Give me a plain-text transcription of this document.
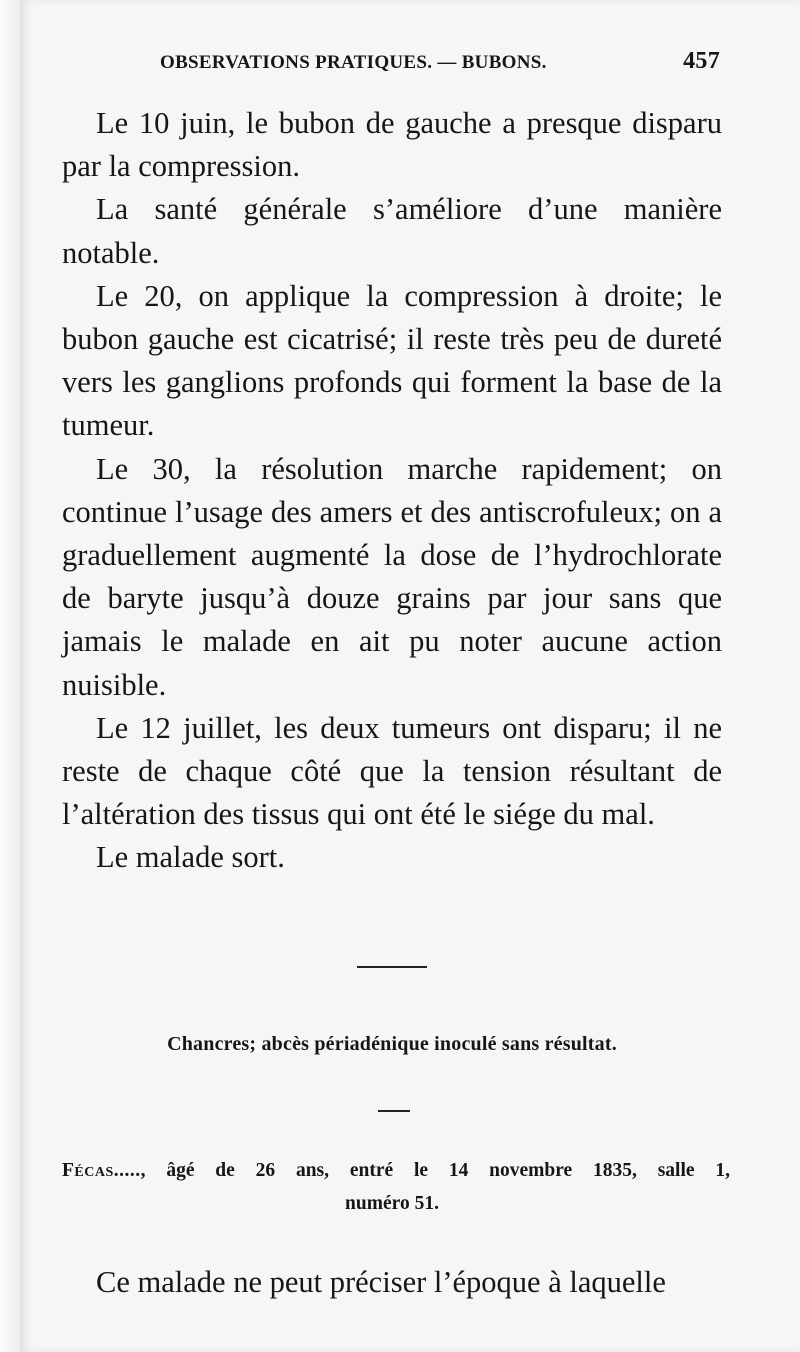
OBSERVATIONS PRATIQUES. — BUBONS.	457

Le 10 juin, le bubon de gauche a presque disparu par la compression.

La santé générale s’améliore d’une manière notable.

Le 20, on applique la compression à droite; le bubon gauche est cicatrisé; il reste très peu de dureté vers les ganglions profonds qui forment la base de la tumeur.

Le 30, la résolution marche rapidement; on continue l’usage des amers et des antiscrofuleux; on a graduellement augmenté la dose de l’hydrochlorate de baryte jusqu’à douze grains par jour sans que jamais le malade en ait pu noter aucune action nuisible.

Le 12 juillet, les deux tumeurs ont disparu; il ne reste de chaque côté que la tension résultant de l’altération des tissus qui ont été le siége du mal.

Le malade sort.

Chancres; abcès périadénique inoculé sans résultat.
Fécas....., âgé de 26 ans, entré le 14 novembre 1835, salle 1,
numéro 51.
Ce malade ne peut préciser l’époque à laquelle
